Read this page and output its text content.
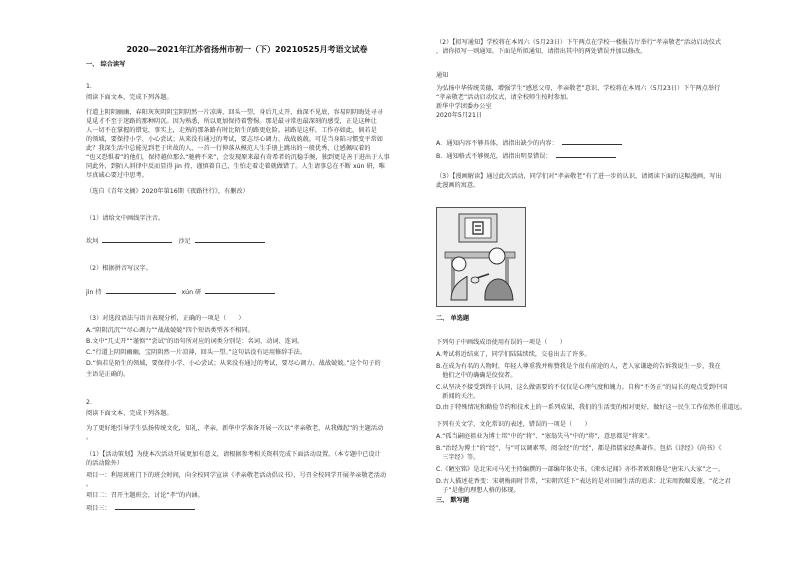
2020—2021年江苏省扬州市初一（下）20210525月考语文试卷
一、 综合读写
1.
阅读下面文本，完成下列各题。
行道上阴阴幽幽，春阳灰灰阴阴宝阴阴然一片凉薄，回头一望，身后几丈开，曲深不见底，容易阴阴晦处寻寻
觅觅才不至于迷路的那种阴沉。因为熟悉，所以更加保持着警惕。那是最寻常也最深刻的感受，正是这种让
人一切不在掌握的错觉，事实上，走熟的那条路有时比陌生的路更危险。甚路是这样，工作亦如此，倘若是
的领域，要保持小学、小心尝试；从来没有通过的考试，要志尽心调力、战战兢兢。可是当身陷习惯变平常如
此？我深生活中总能见到老于世故的人，一首一行伸落从模范人生手册上跳出的一般优秀，让感佩叹着的
“也又恐惧着”的他们，保持越位那么“驰骋不来”，会发现原来最有奇希者的沉稳手腕，独到更是善于进出于人事
同此外，到陌人斜律中反而显得 jin 持，谨慎着自己，生怕走着走着就做错了。人生请事总在不断 xún 研，唯
尽真诚心要过中思考。
（选自《青年文摘》2020年第16期《夜路往行》，有删改）
（1）请给文中画线字注音。
坎坷	沙足
（2）根据拼音写汉字。
jìn 持	xún 研
（3）对选段语法与语言表现分析，正确的一项是（　　）
A.“阴阴沉沉”“尽心调力”“战战兢兢”四个短语类型各不相同。
B.文中“几丈开”“谨慎”“尝试”的语句所对应的词类分别是：名词、动词、连词。
C.“行道上阴阴幽幽，宝阴阴然一片凉薄，回头一望。”这句话没有运用修辞手法。
D.“倘若是陌生的领域，要保持小学、小心尝试；从来没有通过的考试，要尽心调力、战战兢兢。”这个句子的
主语是正确的。
2.
阅读下面文本，完成下列各题。
为了更好地引导学生弘扬传统文化，知礼，孝亲，新华中学准备开展一次以“孝亲敬老，从我做起”的主题活动
。
（1）【活动策划】为使本次活动开展更加有意义，请根据参考相关资料完成下面活动设置。（本专题中已设计
的活动除外）
项目一：利用班班门下的班会时间，向全校同学宣读《孝亲敬老活动倡议书》，号召全校同学开展孝亲敬老活动
。
项目二：召开主题班会，讨论“孝”的内涵。
项目三：
（2）【拟写通知】学校将在本周六（5月23日）下午两点在学校一楼报告厅举行“孝亲敬老”活动启动仪式
，请你拟写一则通知。下面是所拟通知，请指出其中的两处错误并加以修改。
通知
为弘扬中华传统美德，增强学生“感恩父母，孝亲敬老”意识，学校将在本周六（5月23日）下午两点举行
“孝亲敬老”活动启动仪式，请全校师生按时参加。
新华中学团委办公室
2020年5月21日
A．通知内容不够具体，请指出缺少的内容：
B．通知格式不够规范，请指出明显错误：
（3）【漫画解读】通过此次活动，同学们对“孝亲敬老”有了进一步的认识，请阅读下面的这幅漫画，写出
此漫画的寓意。
二、 单选题
下列句子中画线成语使用有误的一项是（　　）
A.考试将近结束了，同学们陆陆续续，交卷出去了许多。
B.在成为有名的人物时，年轻人尊重我并称赞我是个很有前途的人，老人家谦逊的告诉我说生一步，我在
　他们之中的确确是佼佼者。
C.从坚决不接受到终于认同，这么做需要的不仅仅是心理气度和魄力。自称“不务正”的局长的观点受到中国
　新闻的关注。
D.由于特殊情况和勤俭节约和技术上的一系列成果，我们的生活变的相对更好，做好这一民生工作依然任重道远。
下列有关文学、文化常识的表述，错误的一项是（　　）
A.“孤当嗣庭祖业为博士邦”中的“将”、“塞翁失马”中的“将”，意思都是“将来”。
B.“治经为博士”的“经”，与“可以调素琴，阅金经”的“经”，都是指儒家经典著作。包括《诗经》《尚书》《
　三字经》等。
C.《陋室铭》是北宋司马光主持编撰的一部编年体史书。《涑水记闻》亦作者欧阳修是“唐宋八大家”之一。
D.古人描述花香变：宋朝梅雨时节常，“宋朝宫廷下”表达的是对田园生活的追求；北宋周敦颐爱莲，“花之君
　子”是他的理想人格的体现。
三、 默写题
